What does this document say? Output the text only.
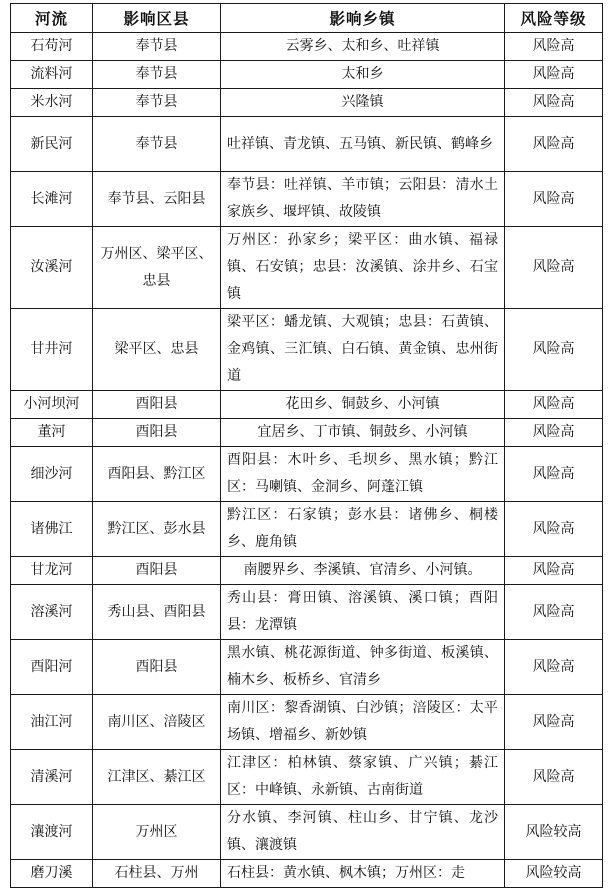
河流	影响区县	影响乡镇	风险等级
石苟河	奉节县	云雾乡、太和乡、吐祥镇	风险高
流料河	奉节县	太和乡	风险高
米水河	奉节县	兴隆镇	风险高
新民河	奉节县	吐祥镇、青龙镇、五马镇、新民镇、鹤峰乡	风险高
长滩河	奉节县、云阳县	奉节县：吐祥镇、羊市镇；云阳县：清水土家族乡、堰坪镇、故陵镇	风险高
汝溪河	万州区、梁平区、忠县	万州区：孙家乡；梁平区：曲水镇、福禄镇、石安镇；忠县：汝溪镇、涂井乡、石宝镇	风险高
甘井河	梁平区、忠县	梁平区：蟠龙镇、大观镇；忠县：石黄镇、金鸡镇、三汇镇、白石镇、黄金镇、忠州街道	风险高
小河坝河	酉阳县	花田乡、铜鼓乡、小河镇	风险高
董河	酉阳县	宜居乡、丁市镇、铜鼓乡、小河镇	风险高
细沙河	酉阳县、黔江区	酉阳县：木叶乡、毛坝乡、黑水镇；黔江区：马喇镇、金洞乡、阿蓬江镇	风险高
诸佛江	黔江区、彭水县	黔江区：石家镇；彭水县：诸佛乡、桐楼乡、鹿角镇	风险高
甘龙河	酉阳县	南腰界乡、李溪镇、官清乡、小河镇。	风险高
溶溪河	秀山县、酉阳县	秀山县：膏田镇、溶溪镇、溪口镇；酉阳县：龙潭镇	风险高
酉阳河	酉阳县	黑水镇、桃花源街道、钟多街道、板溪镇、楠木乡、板桥乡、官清乡	风险高
油江河	南川区、涪陵区	南川区：黎香湖镇、白沙镇；涪陵区：太平场镇、增福乡、新妙镇	风险高
清溪河	江津区、綦江区	江津区：柏林镇、蔡家镇、广兴镇；綦江区：中峰镇、永新镇、古南街道	风险高
瀼渡河	万州区	分水镇、李河镇、柱山乡、甘宁镇、龙沙镇、瀼渡镇	风险较高
磨刀溪	石柱县、万州	石柱县：黄水镇、枫木镇；万州区：走	风险较高
